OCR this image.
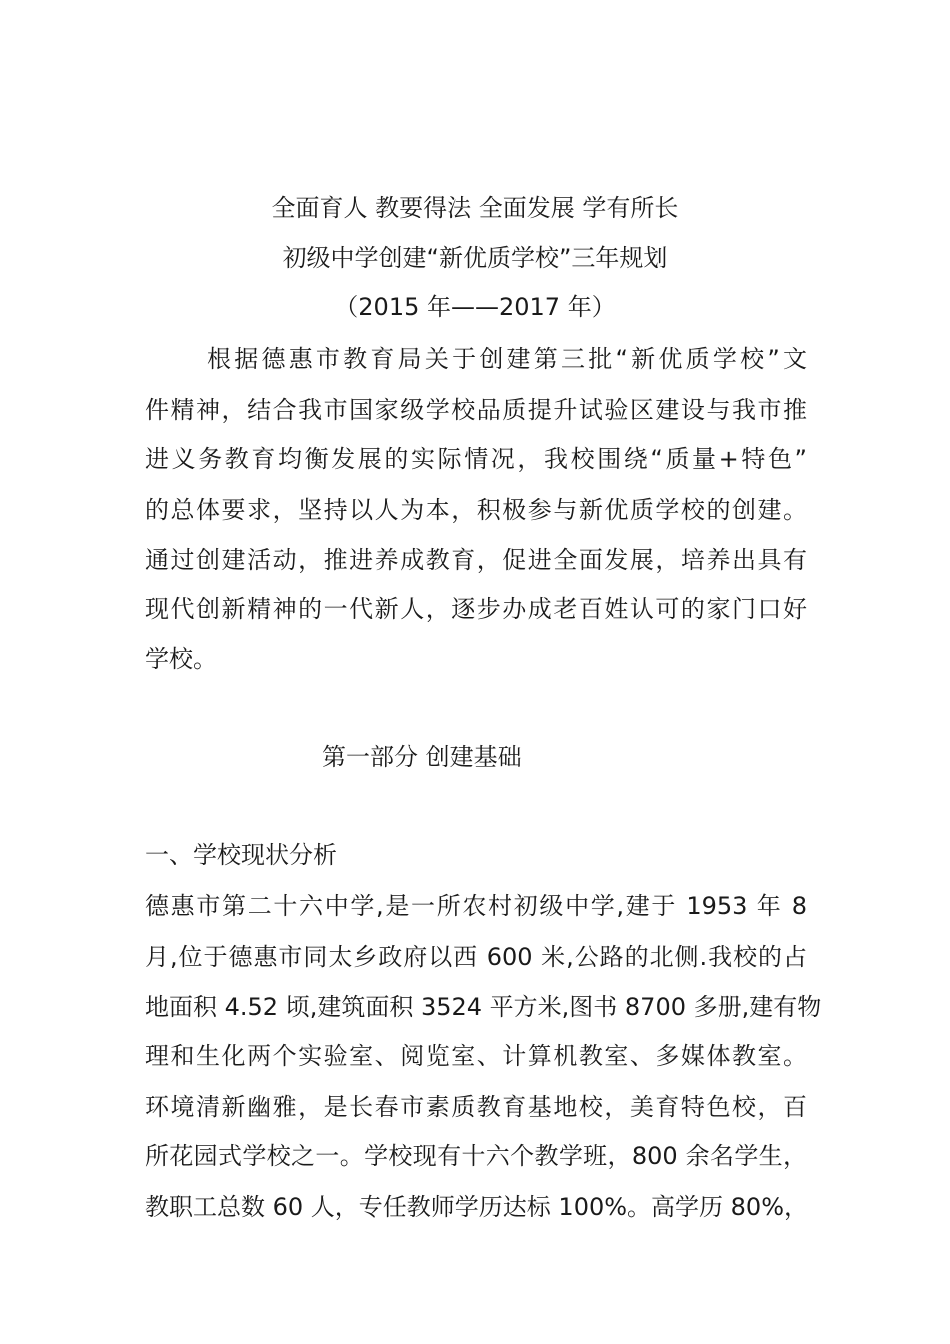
全面育人 教要得法 全面发展 学有所长
初级中学创建“新优质学校”三年规划
（2015 年——2017 年）
根据德惠市教育局关于创建第三批“新优质学校”文
件精神，结合我市国家级学校品质提升试验区建设与我市推
进义务教育均衡发展的实际情况，我校围绕“质量+特色”
的总体要求，坚持以人为本，积极参与新优质学校的创建。
通过创建活动，推进养成教育，促进全面发展，培养出具有
现代创新精神的一代新人，逐步办成老百姓认可的家门口好
学校。
第一部分 创建基础
一、学校现状分析
德惠市第二十六中学,是一所农村初级中学,建于 1953 年 8
月,位于德惠市同太乡政府以西 600 米,公路的北侧.我校的占
地面积 4.52 顷,建筑面积 3524 平方米,图书 8700 多册,建有物
理和生化两个实验室、阅览室、计算机教室、多媒体教室。
环境清新幽雅，是长春市素质教育基地校，美育特色校，百
所花园式学校之一。学校现有十六个教学班，800 余名学生，
教职工总数 60 人，专任教师学历达标 100%。高学历 80%，
